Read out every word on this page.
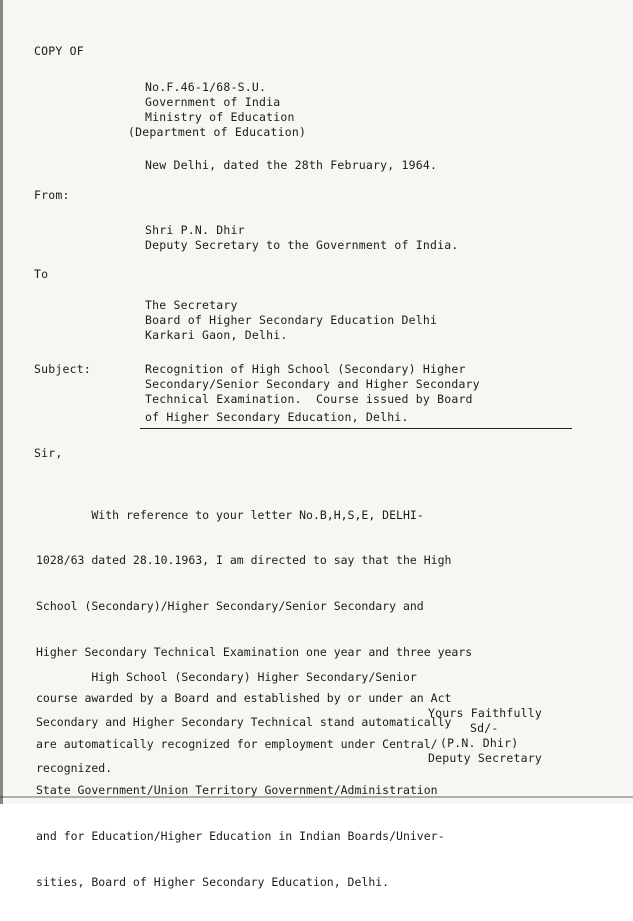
COPY OF
No.F.46-1/68-S.U.
Government of India
Ministry of Education
(Department of Education)
New Delhi, dated the 28th February, 1964.
From:
Shri P.N. Dhir
Deputy Secretary to the Government of India.
To
The Secretary
Board of Higher Secondary Education Delhi
Karkari Gaon, Delhi.
Subject:	Recognition of High School (Secondary) Higher
Secondary/Senior Secondary and Higher Secondary
Technical Examination.  Course issued by Board
of Higher Secondary Education, Delhi.
Sir,

With reference to your letter No.B,H,S,E, DELHI-

1028/63 dated 28.10.1963, I am directed to say that the High

School (Secondary)/Higher Secondary/Senior Secondary and

Higher Secondary Technical Examination one year and three years

course awarded by a Board and established by or under an Act

are automatically recognized for employment under Central/

State Government/Union Territory Government/Administration

and for Education/Higher Education in Indian Boards/Univer-

sities, Board of Higher Secondary Education, Delhi.

High School (Secondary) Higher Secondary/Senior

Secondary and Higher Secondary Technical stand automatically

recognized.

Yours Faithfully
Sd/-
(P.N. Dhir)
Deputy Secretary
